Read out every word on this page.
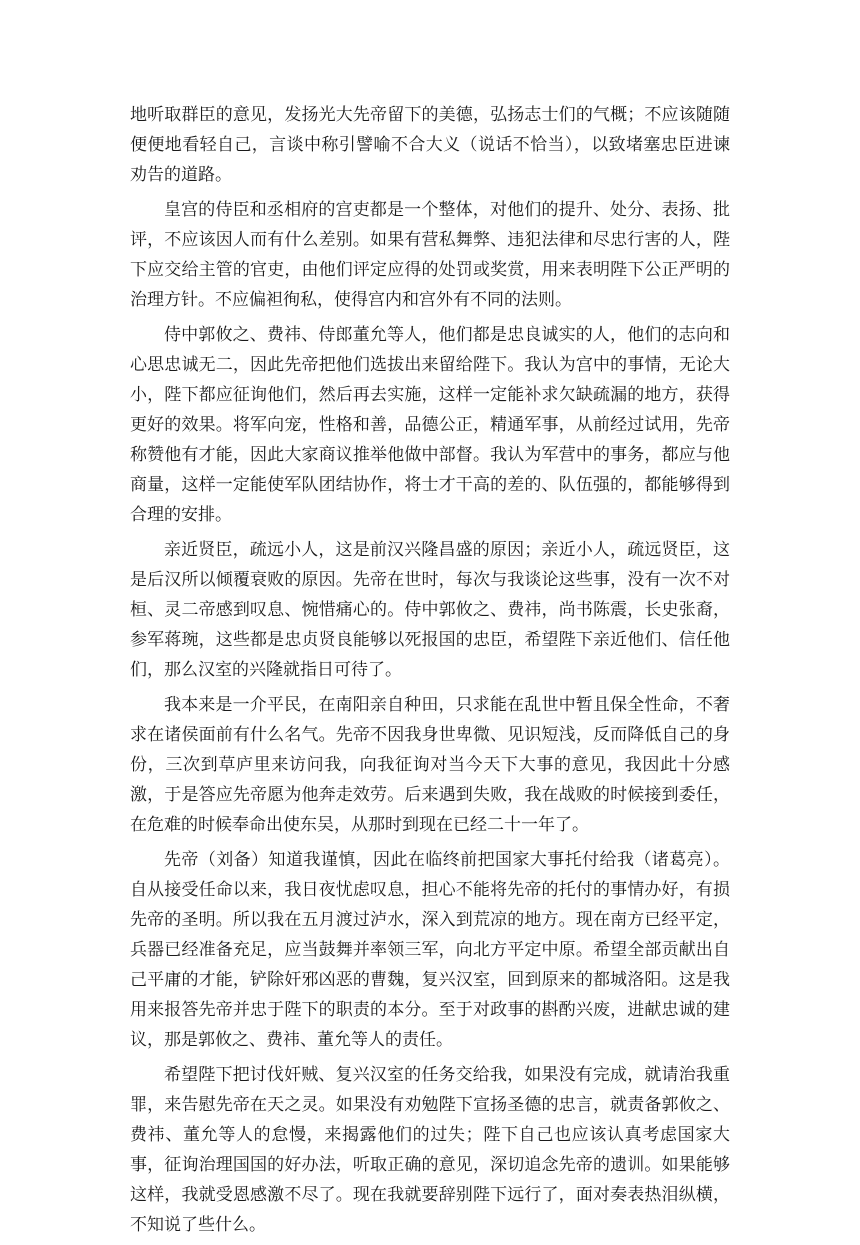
地听取群臣的意见，发扬光大先帝留下的美德，弘扬志士们的气概；不应该随随便便地看轻自己，言谈中称引譬喻不合大义（说话不恰当），以致堵塞忠臣进谏劝告的道路。

皇宫的侍臣和丞相府的宫吏都是一个整体，对他们的提升、处分、表扬、批评，不应该因人而有什么差别。如果有营私舞弊、违犯法律和尽忠行害的人，陛下应交给主管的官吏，由他们评定应得的处罚或奖赏，用来表明陛下公正严明的治理方针。不应偏袒徇私，使得宫内和宫外有不同的法则。

侍中郭攸之、费祎、侍郎董允等人，他们都是忠良诚实的人，他们的志向和心思忠诚无二，因此先帝把他们选拔出来留给陛下。我认为宫中的事情，无论大小，陛下都应征询他们，然后再去实施，这样一定能补求欠缺疏漏的地方，获得更好的效果。将军向宠，性格和善，品德公正，精通军事，从前经过试用，先帝称赞他有才能，因此大家商议推举他做中部督。我认为军营中的事务，都应与他商量，这样一定能使军队团结协作，将士才干高的差的、队伍强的，都能够得到合理的安排。

亲近贤臣，疏远小人，这是前汉兴隆昌盛的原因；亲近小人，疏远贤臣，这是后汉所以倾覆衰败的原因。先帝在世时，每次与我谈论这些事，没有一次不对桓、灵二帝感到叹息、惋惜痛心的。侍中郭攸之、费祎，尚书陈震，长史张裔，参军蒋琬，这些都是忠贞贤良能够以死报国的忠臣，希望陛下亲近他们、信任他们，那么汉室的兴隆就指日可待了。

我本来是一介平民，在南阳亲自种田，只求能在乱世中暂且保全性命，不奢求在诸侯面前有什么名气。先帝不因我身世卑微、见识短浅，反而降低自己的身份，三次到草庐里来访问我，向我征询对当今天下大事的意见，我因此十分感激，于是答应先帝愿为他奔走效劳。后来遇到失败，我在战败的时候接到委任，在危难的时候奉命出使东吴，从那时到现在已经二十一年了。

先帝（刘备）知道我谨慎，因此在临终前把国家大事托付给我（诸葛亮）。自从接受任命以来，我日夜忧虑叹息，担心不能将先帝的托付的事情办好，有损先帝的圣明。所以我在五月渡过泸水，深入到荒凉的地方。现在南方已经平定，兵器已经准备充足，应当鼓舞并率领三军，向北方平定中原。希望全部贡献出自己平庸的才能，铲除奸邪凶恶的曹魏，复兴汉室，回到原来的都城洛阳。这是我用来报答先帝并忠于陛下的职责的本分。至于对政事的斟酌兴废，进献忠诚的建议，那是郭攸之、费祎、董允等人的责任。

希望陛下把讨伐奸贼、复兴汉室的任务交给我，如果没有完成，就请治我重罪，来告慰先帝在天之灵。如果没有劝勉陛下宣扬圣德的忠言，就责备郭攸之、费祎、董允等人的怠慢，来揭露他们的过失；陛下自己也应该认真考虑国家大事，征询治理国国的好办法，听取正确的意见，深切追念先帝的遗训。如果能够这样，我就受恩感激不尽了。现在我就要辞别陛下远行了，面对奏表热泪纵横，不知说了些什么。
